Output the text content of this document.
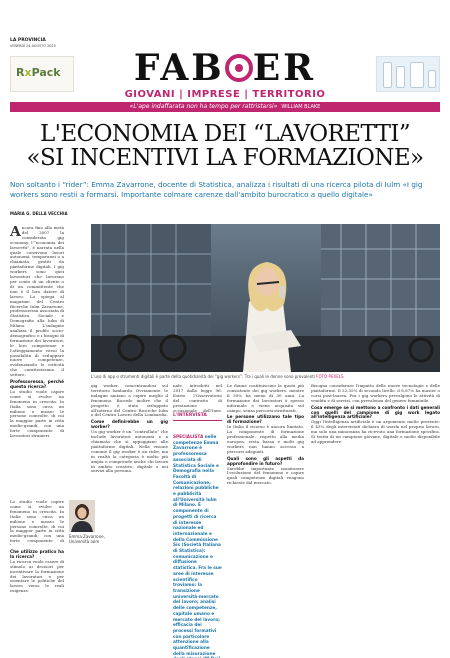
LA PROVINCIA
VENERDÌ 24 AGOSTO 2025
RxPack	FAB ER
GIOVANI | IMPRESE | TERRITORIO
«L'ape indaffarata non ha tempo per rattristarsi» WILLIAM BLAKE
L'ECONOMIA DEI “LAVORETTI”
«SI INCENTIVI LA FORMAZIONE»
Non soltanto i “rider”: Emma Zavarrone, docente di Statistica, analizza i risultati di una ricerca pilota di Iulm «I gig workers sono restii a formarsi. Importante colmare carenze dall'ambito burocratico a quello digitale»
MARIA G. DELLA VECCHIA

Ancora fino alla metà del 2007 la considerata gig economy, l'“economia dei lavoretti”, è narrata nella quale convivono lavori autonomi, temporanei o a chiamata, gestiti da piattaforme digitali. I gig workers sono quei lavoratori che lavorano per conto di un cliente o di un committente che non è il loro datore di lavoro. Lo spiega al magazine del Centro Ricerche Iulm Zavarrone, professoressa associata di Statistica Sociale e Demografia alla Iulm di Milano. L'indagine analizza il profilo socio-demografico e i bisogni di formazione dei lavoratori, le loro competenze e l'atteggiamento verso la possibilità di sviluppare nuove competenze, evidenziando le criticità che caratterizzano il settore.

Professoressa, perché questa ricerca?

Lo studio vuole capire come si evolve un fenomeno in crescita. In Italia sono circa un milione e mezzo le persone coinvolte, di cui la maggior parte in città medio-grandi, con una forte componente di lavoratori stranieri.

Lo studio vuole capire come si evolve un fenomeno in crescita. In Italia sono circa un milione e mezzo le persone coinvolte, di cui la maggior parte in città medio-grandi, con una forte componente di

Emma Zavarrone, Università Iulm
Che utilizzo pratico ha la ricerca?

La ricerca vuole essere di stimolo ai decisori per incentivare la formazione dei lavoratori e per orientare le politiche del lavoro verso le reali esigenze.

L'uso di app e strumenti digitali è parte della quotidianità dei “gig workers”. Tra i quali le donne sono prevalenti FOTO PEXELS

gig worker, concentrandosi sul territorio lombardo. Ovviamente, le indagini aiutano a capire meglio il fenomeno. Ricordo inoltre che il progetto è stato sviluppato all'interno del Centro Ricerche Iulm e del Centro Lavoro della Lombardia.

Come definirebbe un gig worker?

Un gig worker è un “controllato” che include lavoratori autonomi e a chiamata che si appoggiano alle piattaforme digitali. Nella visione comune il gig worker è un rider, ma in realtà la categoria è molto più ampia e comprende anche chi lavora in ambito creativo, digitale o nei servizi alla persona.

nale, introdotti nel 2017 dalla legge 96. Esiste l'Osservatorio del contratto di prestazione occasionale dell'Inps,

L'INTERVISTA
SPECIALISTA nelle competenze Emma Zavarrone è professoressa associata di Statistica Sociale e Demografia nella Facoltà di Comunicazione, relazioni pubbliche e pubblicità all'Università Iulm di Milano. È componente di progetti di ricerca di interesse nazionale ed internazionale e della Commissione Sis (Società Italiana di Statistica): comunicazione e diffusione statistica. Fra le sue aree di interesse scientifico troviamo: la transizione università-mercato del lavoro; analisi delle competenze, capitale umano e mercato del lavoro; efficacia dei processi formativi con particolare attenzione alla quantificazione della misurazione

Le donne costituiscono la quota più consistente dei gig workers, mentre il 50% ha meno di 30 anni. La formazione dei lavoratori è spesso informale e viene acquisita sul campo, senza percorsi strutturati.

Le persone utilizzano tale tipo di formazione?

In Italia il ricorso è ancora limitato. La componente di formazione professionale, rispetto alla media europea, resta bassa e molti gig workers non hanno accesso a percorsi adeguati.

Quali sono gli aspetti da approfondire in futuro?

Sarebbe importante monitorare l'evoluzione del fenomeno e capire quali competenze digitali vengono richieste dal mercato.

Bisogna considerare l'impatto delle nuove tecnologie e delle piattaforme. Il 22,35% di secondo livello, il 6,87% ha master o corsi post-laurea. Fra i gig workers prevalgono le attività di vendita e di servizi, con prevalenza del genere femminile.

Cosa emerge se si mettono a confronto i dati generali con quelli del campione di gig work legato all'intelligenza artificiale?

Oggi l'intelligenza artificiale è un argomento molto presente: il 43% degli intervistati dichiara di usarla nel proprio lavoro, ma solo una minoranza ha ricevuto una formazione specifica. Si tratta di un campione giovane, digitale e molto disponibile ad apprendere.
